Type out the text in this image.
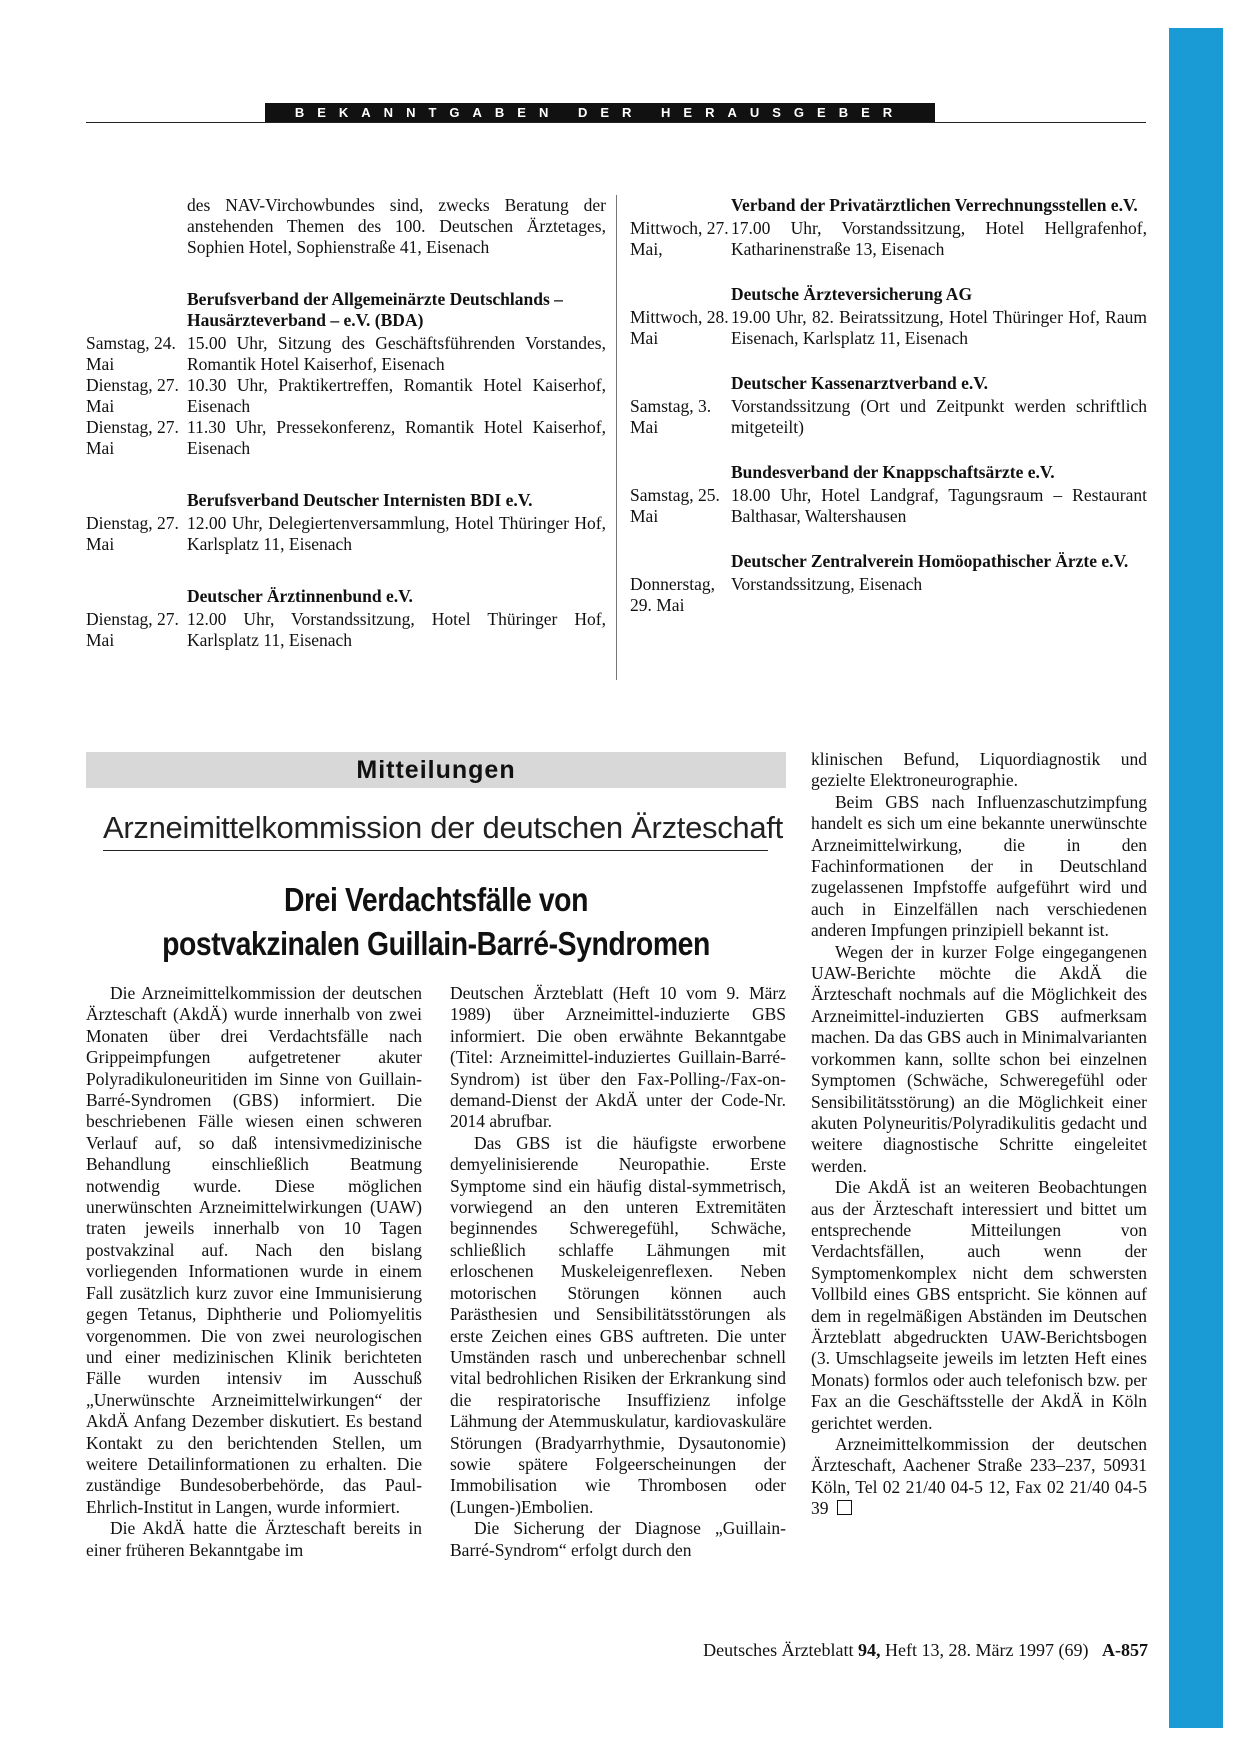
BEKANNTGABEN DER HERAUSGEBER
des NAV-Virchowbundes sind, zwecks Beratung der anstehenden Themen des 100. Deutschen Ärztetages, Sophien Hotel, Sophienstraße 41, Eisenach
Berufsverband der Allgemeinärzte Deutschlands – Hausärzteverband – e.V. (BDA)
Samstag, 24. Mai
15.00 Uhr, Sitzung des Geschäftsführenden Vorstandes, Romantik Hotel Kaiserhof, Eisenach
Dienstag, 27. Mai
10.30 Uhr, Praktikertreffen, Romantik Hotel Kaiserhof, Eisenach
Dienstag, 27. Mai
11.30 Uhr, Pressekonferenz, Romantik Hotel Kaiserhof, Eisenach
Berufsverband Deutscher Internisten BDI e.V.
Dienstag, 27. Mai
12.00 Uhr, Delegiertenversammlung, Hotel Thüringer Hof, Karlsplatz 11, Eisenach
Deutscher Ärztinnenbund e.V.
Dienstag, 27. Mai
12.00 Uhr, Vorstandssitzung, Hotel Thüringer Hof, Karlsplatz 11, Eisenach
Verband der Privatärztlichen Verrechnungsstellen e.V.
Mittwoch, 27. Mai,
17.00 Uhr, Vorstandssitzung, Hotel Hellgrafenhof, Katharinenstraße 13, Eisenach
Deutsche Ärzteversicherung AG
Mittwoch, 28. Mai
19.00 Uhr, 82. Beiratssitzung, Hotel Thüringer Hof, Raum Eisenach, Karlsplatz 11, Eisenach
Deutscher Kassenarztverband e.V.
Samstag, 3. Mai
Vorstandssitzung (Ort und Zeitpunkt werden schriftlich mitgeteilt)
Bundesverband der Knappschaftsärzte e.V.
Samstag, 25. Mai
18.00 Uhr, Hotel Landgraf, Tagungsraum – Restaurant Balthasar, Waltershausen
Deutscher Zentralverein Homöopathischer Ärzte e.V.
Donnerstag, 29. Mai
Vorstandssitzung, Eisenach
Mitteilungen
Arzneimittelkommission der deutschen Ärzteschaft
Drei Verdachtsfälle von
postvakzinalen Guillain-Barré-Syndromen

Die Arzneimittelkommission der deutschen Ärzteschaft (AkdÄ) wurde innerhalb von zwei Monaten über drei Verdachtsfälle nach Grippeimpfungen aufgetretener akuter Polyradikuloneuritiden im Sinne von Guillain-Barré-Syndromen (GBS) informiert. Die beschriebenen Fälle wiesen einen schweren Verlauf auf, so daß intensivmedizinische Behandlung einschließlich Beatmung notwendig wurde. Diese möglichen unerwünschten Arzneimittelwirkungen (UAW) traten jeweils innerhalb von 10 Tagen postvakzinal auf. Nach den bislang vorliegenden Informationen wurde in einem Fall zusätzlich kurz zuvor eine Immunisierung gegen Tetanus, Diphtherie und Poliomyelitis vorgenommen. Die von zwei neurologischen und einer medizinischen Klinik berichteten Fälle wurden intensiv im Ausschuß „Unerwünschte Arzneimittelwirkungen“ der AkdÄ Anfang Dezember diskutiert. Es bestand Kontakt zu den berichtenden Stellen, um weitere Detailinformationen zu erhalten. Die zuständige Bundesoberbehörde, das Paul-Ehrlich-Institut in Langen, wurde informiert.

Die AkdÄ hatte die Ärzteschaft bereits in einer früheren Bekanntgabe im

Deutschen Ärzteblatt (Heft 10 vom 9. März 1989) über Arzneimittel-induzierte GBS informiert. Die oben erwähnte Bekanntgabe (Titel: Arzneimittel-induziertes Guillain-Barré-Syndrom) ist über den Fax-Polling-/Fax-on-demand-Dienst der AkdÄ unter der Code-Nr. 2014 abrufbar.

Das GBS ist die häufigste erworbene demyelinisierende Neuropathie. Erste Symptome sind ein häufig distal-symmetrisch, vorwiegend an den unteren Extremitäten beginnendes Schweregefühl, Schwäche, schließlich schlaffe Lähmungen mit erloschenen Muskeleigenreflexen. Neben motorischen Störungen können auch Parästhesien und Sensibilitätsstörungen als erste Zeichen eines GBS auftreten. Die unter Umständen rasch und unberechenbar schnell vital bedrohlichen Risiken der Erkrankung sind die respiratorische Insuffizienz infolge Lähmung der Atemmuskulatur, kardiovaskuläre Störungen (Bradyarrhythmie, Dysautonomie) sowie spätere Folgeerscheinungen der Immobilisation wie Thrombosen oder (Lungen-)Embolien.

Die Sicherung der Diagnose „Guillain-Barré-Syndrom“ erfolgt durch den

klinischen Befund, Liquordiagnostik und gezielte Elektroneurographie.

Beim GBS nach Influenzaschutzimpfung handelt es sich um eine bekannte unerwünschte Arzneimittelwirkung, die in den Fachinformationen der in Deutschland zugelassenen Impfstoffe aufgeführt wird und auch in Einzelfällen nach verschiedenen anderen Impfungen prinzipiell bekannt ist.

Wegen der in kurzer Folge eingegangenen UAW-Berichte möchte die AkdÄ die Ärzteschaft nochmals auf die Möglichkeit des Arzneimittel-induzierten GBS aufmerksam machen. Da das GBS auch in Minimalvarianten vorkommen kann, sollte schon bei einzelnen Symptomen (Schwäche, Schweregefühl oder Sensibilitätsstörung) an die Möglichkeit einer akuten Polyneuritis/Polyradikulitis gedacht und weitere diagnostische Schritte eingeleitet werden.

Die AkdÄ ist an weiteren Beobachtungen aus der Ärzteschaft interessiert und bittet um entsprechende Mitteilungen von Verdachtsfällen, auch wenn der Symptomenkomplex nicht dem schwersten Vollbild eines GBS entspricht. Sie können auf dem in regelmäßigen Abständen im Deutschen Ärzteblatt abgedruckten UAW-Berichtsbogen (3. Umschlagseite jeweils im letzten Heft eines Monats) formlos oder auch telefonisch bzw. per Fax an die Geschäftsstelle der AkdÄ in Köln gerichtet werden.

Arzneimittelkommission der deutschen Ärzteschaft, Aachener Straße 233–237, 50931 Köln, Tel 02 21/40 04-5 12, Fax 02 21/40 04-5 39

Deutsches Ärzteblatt 94, Heft 13, 28. März 1997 (69) A-857
